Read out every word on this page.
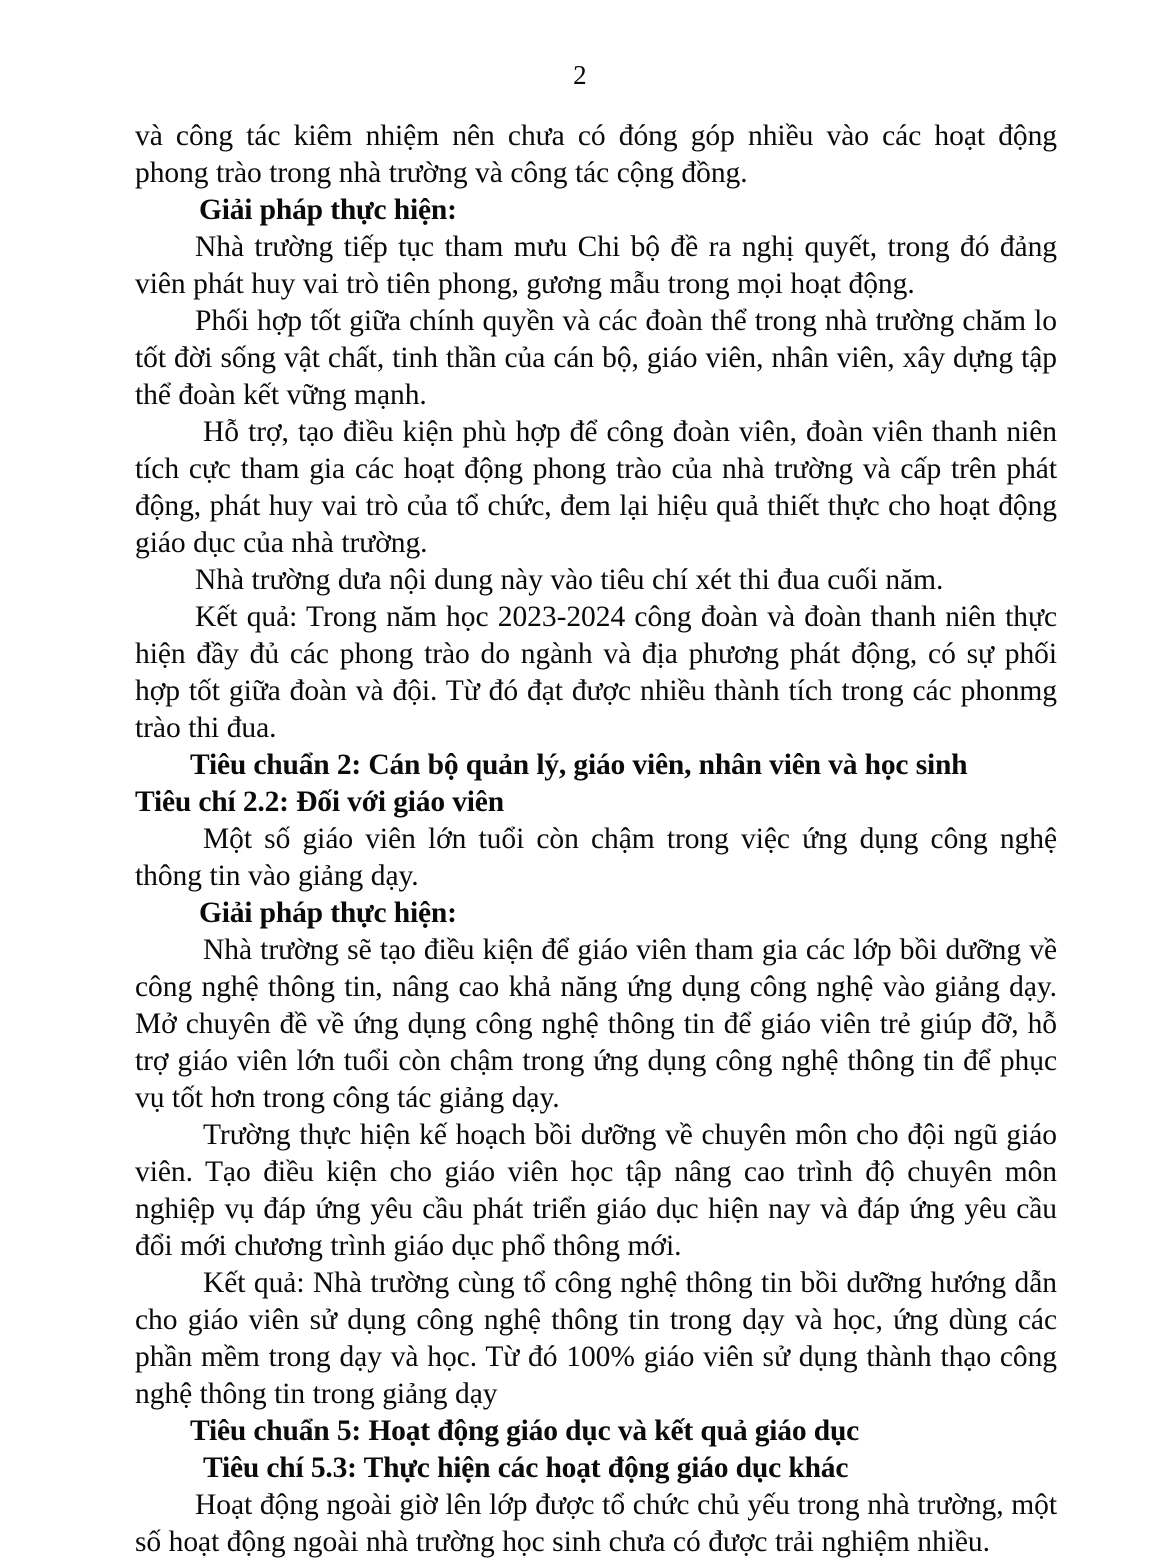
2

và công tác kiêm nhiệm nên chưa có đóng góp nhiều vào các hoạt động phong trào trong nhà trường và công tác cộng đồng.

Giải pháp thực hiện:

Nhà trường tiếp tục tham mưu Chi bộ đề ra nghị quyết, trong đó đảng viên phát huy vai trò tiên phong, gương mẫu trong mọi hoạt động.

Phối hợp tốt giữa chính quyền và các đoàn thể trong nhà trường chăm lo tốt đời sống vật chất, tinh thần của cán bộ, giáo viên, nhân viên, xây dựng tập thể đoàn kết vững mạnh.

Hỗ trợ, tạo điều kiện phù hợp để công đoàn viên, đoàn viên thanh niên tích cực tham gia các hoạt động phong trào của nhà trường và cấp trên phát động, phát huy vai trò của tổ chức, đem lại hiệu quả thiết thực cho hoạt động giáo dục của nhà trường.

Nhà trường dưa nội dung này vào tiêu chí xét thi đua cuối năm.

Kết quả: Trong năm học 2023-2024 công đoàn và đoàn thanh niên thực hiện đầy đủ các phong trào do ngành và địa phương phát động, có sự phối hợp tốt giữa đoàn và đội. Từ đó đạt được nhiều thành tích trong các phonmg trào thi đua.

Tiêu chuẩn 2: Cán bộ quản lý, giáo viên, nhân viên và học sinh

Tiêu chí 2.2: Đối với giáo viên

Một số giáo viên lớn tuổi còn chậm trong việc ứng dụng công nghệ thông tin vào giảng dạy.

Giải pháp thực hiện:

Nhà trường sẽ tạo điều kiện để giáo viên tham gia các lớp bồi dưỡng về công nghệ thông tin, nâng cao khả năng ứng dụng công nghệ vào giảng dạy. Mở chuyên đề về ứng dụng công nghệ thông tin để giáo viên trẻ giúp đỡ, hỗ trợ giáo viên lớn tuổi còn chậm trong ứng dụng công nghệ thông tin để phục vụ tốt hơn trong công tác giảng dạy.

Trường thực hiện kế hoạch bồi dưỡng về chuyên môn cho đội ngũ giáo viên. Tạo điều kiện cho giáo viên học tập nâng cao trình độ chuyên môn nghiệp vụ đáp ứng yêu cầu phát triển giáo dục hiện nay và đáp ứng yêu cầu đổi mới chương trình giáo dục phổ thông mới.

Kết quả: Nhà trường cùng tổ công nghệ thông tin bồi dưỡng hướng dẫn cho giáo viên sử dụng công nghệ thông tin trong dạy và học, ứng dùng các phần mềm trong dạy và học. Từ đó 100% giáo viên sử dụng thành thạo công nghệ thông tin trong giảng dạy

Tiêu chuẩn 5: Hoạt động giáo dục và kết quả giáo dục

Tiêu chí 5.3: Thực hiện các hoạt động giáo dục khác

Hoạt động ngoài giờ lên lớp được tổ chức chủ yếu trong nhà trường, một số hoạt động ngoài nhà trường học sinh chưa có được trải nghiệm nhiều.
